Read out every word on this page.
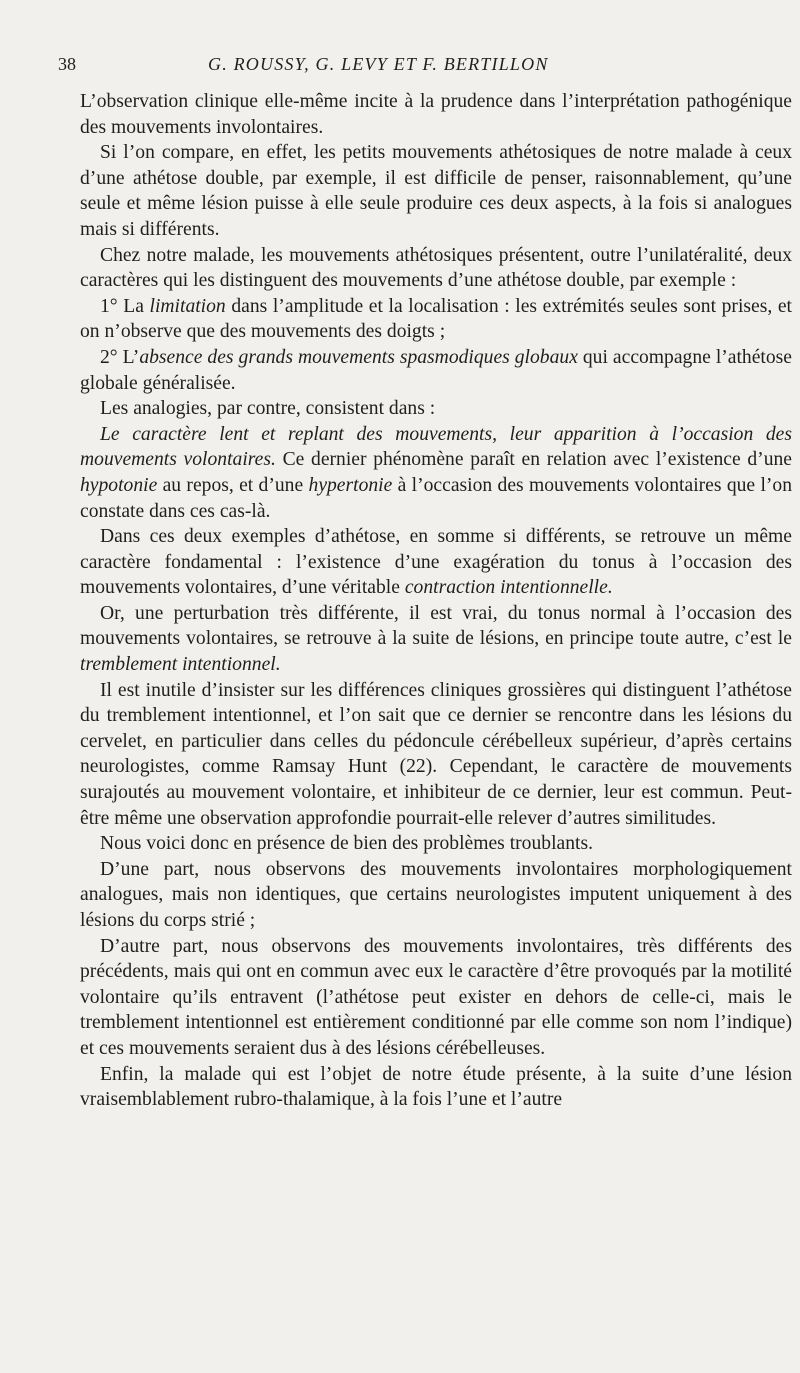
38	G. ROUSSY, G. LEVY ET F. BERTILLON

L’observation clinique elle-même incite à la prudence dans l’interprétation pathogénique des mouvements involontaires.

Si l’on compare, en effet, les petits mouvements athétosiques de notre malade à ceux d’une athétose double, par exemple, il est difficile de penser, raisonnablement, qu’une seule et même lésion puisse à elle seule produire ces deux aspects, à la fois si analogues mais si différents.

Chez notre malade, les mouvements athétosiques présentent, outre l’unilatéralité, deux caractères qui les distinguent des mouvements d’une athétose double, par exemple :

1° La limitation dans l’amplitude et la localisation : les extrémités seules sont prises, et on n’observe que des mouvements des doigts ;

2° L’absence des grands mouvements spasmodiques globaux qui accompagne l’athétose globale généralisée.

Les analogies, par contre, consistent dans :

Le caractère lent et replant des mouvements, leur apparition à l’occasion des mouvements volontaires. Ce dernier phénomène paraît en relation avec l’existence d’une hypotonie au repos, et d’une hypertonie à l’occasion des mouvements volontaires que l’on constate dans ces cas-là.

Dans ces deux exemples d’athétose, en somme si différents, se retrouve un même caractère fondamental : l’existence d’une exagération du tonus à l’occasion des mouvements volontaires, d’une véritable contraction intentionnelle.

Or, une perturbation très différente, il est vrai, du tonus normal à l’occasion des mouvements volontaires, se retrouve à la suite de lésions, en principe toute autre, c’est le tremblement intentionnel.

Il est inutile d’insister sur les différences cliniques grossières qui distinguent l’athétose du tremblement intentionnel, et l’on sait que ce dernier se rencontre dans les lésions du cervelet, en particulier dans celles du pédoncule cérébelleux supérieur, d’après certains neurologistes, comme Ramsay Hunt (22). Cependant, le caractère de mouvements surajoutés au mouvement volontaire, et inhibiteur de ce dernier, leur est commun. Peut-être même une observation approfondie pourrait-elle relever d’autres similitudes.

Nous voici donc en présence de bien des problèmes troublants.

D’une part, nous observons des mouvements involontaires morphologiquement analogues, mais non identiques, que certains neurologistes imputent uniquement à des lésions du corps strié ;

D’autre part, nous observons des mouvements involontaires, très différents des précédents, mais qui ont en commun avec eux le caractère d’être provoqués par la motilité volontaire qu’ils entravent (l’athétose peut exister en dehors de celle-ci, mais le tremblement intentionnel est entièrement conditionné par elle comme son nom l’indique) et ces mouvements seraient dus à des lésions cérébelleuses.

Enfin, la malade qui est l’objet de notre étude présente, à la suite d’une lésion vraisemblablement rubro-thalamique, à la fois l’une et l’autre
